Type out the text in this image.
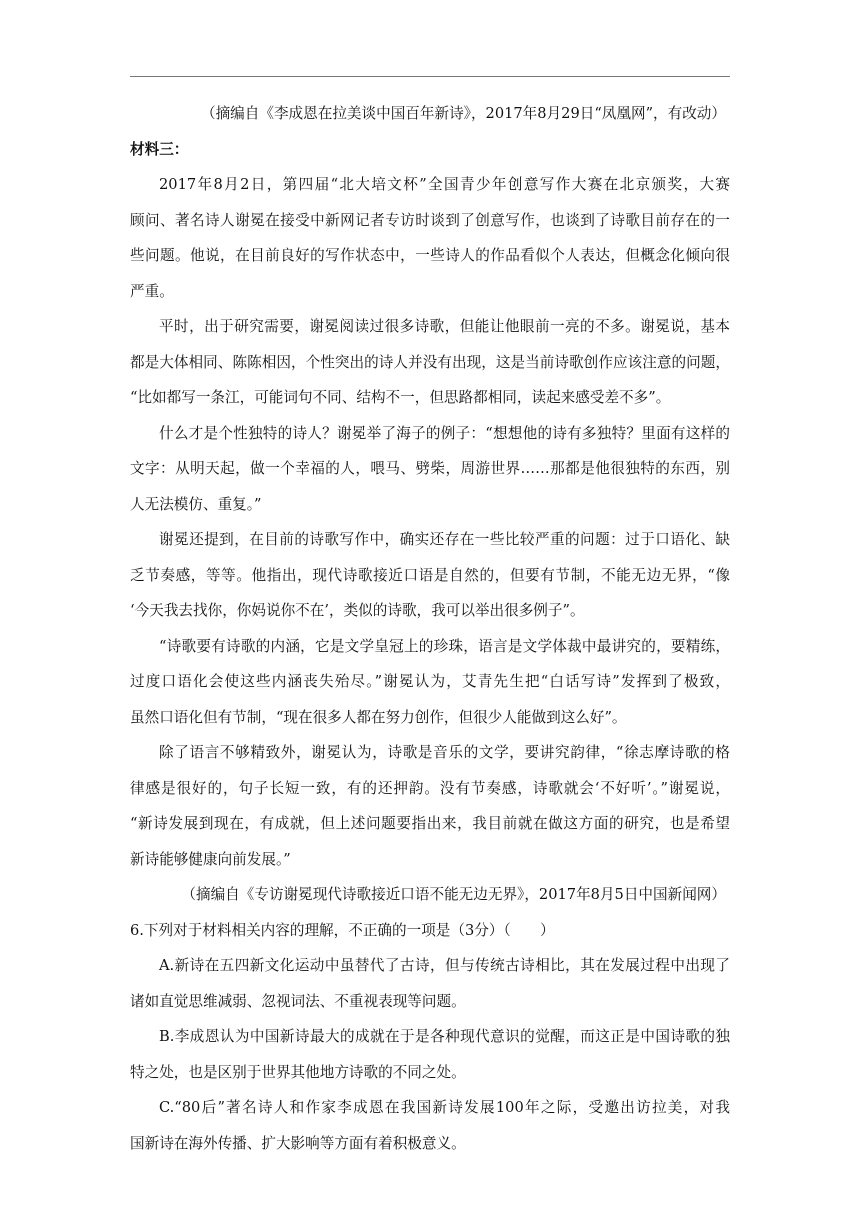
（摘编自《李成恩在拉美谈中国百年新诗》，2017年8月29日“凤凰网”，有改动）

材料三：

2017年8月2日，第四届“北大培文杯”全国青少年创意写作大赛在北京颁奖，大赛

顾问、著名诗人谢冕在接受中新网记者专访时谈到了创意写作，也谈到了诗歌目前存在的一

些问题。他说，在目前良好的写作状态中，一些诗人的作品看似个人表达，但概念化倾向很

严重。

平时，出于研究需要，谢冕阅读过很多诗歌，但能让他眼前一亮的不多。谢冕说，基本

都是大体相同、陈陈相因，个性突出的诗人并没有出现，这是当前诗歌创作应该注意的问题，

“比如都写一条江，可能词句不同、结构不一，但思路都相同，读起来感受差不多”。

什么才是个性独特的诗人？谢冕举了海子的例子：“想想他的诗有多独特？里面有这样的

文字：从明天起，做一个幸福的人，喂马、劈柴，周游世界……那都是他很独特的东西，别

人无法模仿、重复。”

谢冕还提到，在目前的诗歌写作中，确实还存在一些比较严重的问题：过于口语化、缺

乏节奏感，等等。他指出，现代诗歌接近口语是自然的，但要有节制，不能无边无界，“像

‘今天我去找你，你妈说你不在’，类似的诗歌，我可以举出很多例子”。

“诗歌要有诗歌的内涵，它是文学皇冠上的珍珠，语言是文学体裁中最讲究的，要精练，

过度口语化会使这些内涵丧失殆尽。”谢冕认为，艾青先生把“白话写诗”发挥到了极致，

虽然口语化但有节制，“现在很多人都在努力创作，但很少人能做到这么好”。

除了语言不够精致外，谢冕认为，诗歌是音乐的文学，要讲究韵律，“徐志摩诗歌的格

律感是很好的，句子长短一致，有的还押韵。没有节奏感，诗歌就会‘不好听’。”谢冕说，

“新诗发展到现在，有成就，但上述问题要指出来，我目前就在做这方面的研究，也是希望

新诗能够健康向前发展。”

（摘编自《专访谢冕现代诗歌接近口语不能无边无界》，2017年8月5日中国新闻网）

6.下列对于材料相关内容的理解，不正确的一项是（3分）（　　）

A.新诗在五四新文化运动中虽替代了古诗，但与传统古诗相比，其在发展过程中出现了

诸如直觉思维减弱、忽视词法、不重视表现等问题。

B.李成恩认为中国新诗最大的成就在于是各种现代意识的觉醒，而这正是中国诗歌的独

特之处，也是区别于世界其他地方诗歌的不同之处。

C.“80后”著名诗人和作家李成恩在我国新诗发展100年之际，受邀出访拉美，对我

国新诗在海外传播、扩大影响等方面有着积极意义。
